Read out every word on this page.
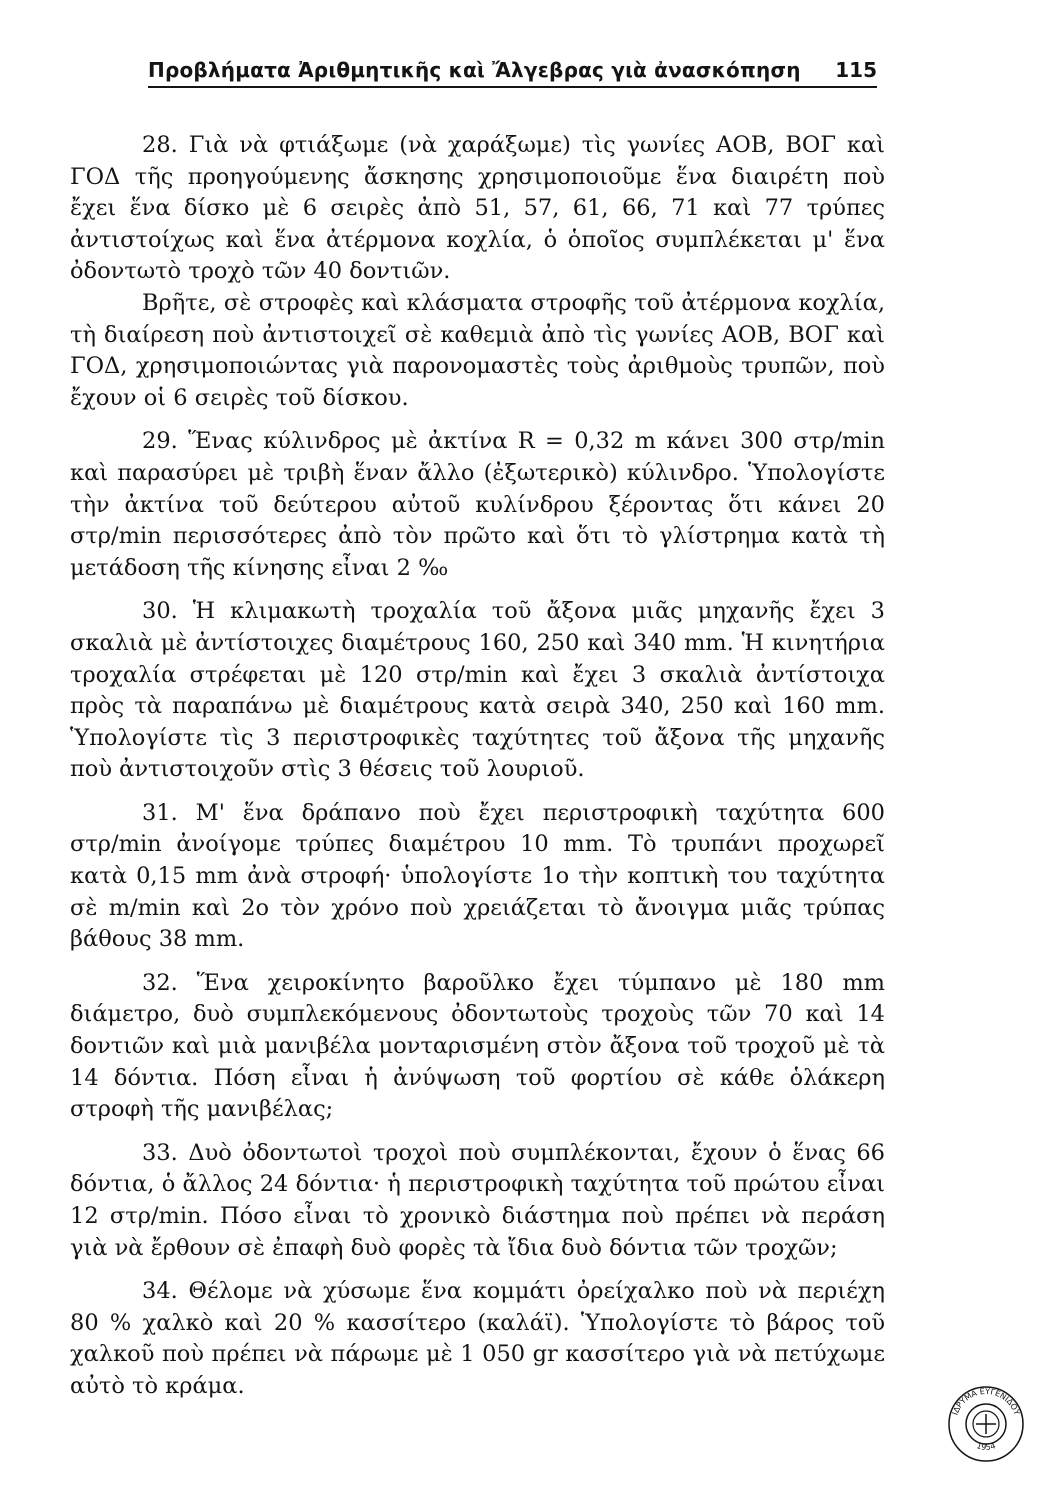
Προβλήματα Ἀριθμητικῆς καὶ Ἄλγεβρας γιὰ ἀνασκόπηση 115

28. Γιὰ νὰ φτιάξωμε (νὰ χαράξωμε) τὶς γωνίες ΑΟΒ, ΒΟΓ καὶ ΓΟΔ τῆς προηγούμενης ἄσκησης χρησιμοποιοῦμε ἕνα διαιρέτη ποὺ ἔχει ἕνα δίσκο μὲ 6 σειρὲς ἀπὸ 51, 57, 61, 66, 71 καὶ 77 τρύπες ἀντιστοίχως καὶ ἕνα ἀτέρμονα κοχλία, ὁ ὁποῖος συμπλέκεται μ' ἕνα ὀδοντωτὸ τροχὸ τῶν 40 δοντιῶν.

Βρῆτε, σὲ στροφὲς καὶ κλάσματα στροφῆς τοῦ ἀτέρμονα κοχλία, τὴ διαίρεση ποὺ ἀντιστοιχεῖ σὲ καθεμιὰ ἀπὸ τὶς γωνίες ΑΟΒ, ΒΟΓ καὶ ΓΟΔ, χρησιμοποιώντας γιὰ παρονομαστὲς τοὺς ἀριθμοὺς τρυπῶν, ποὺ ἔχουν οἱ 6 σειρὲς τοῦ δίσκου.

29. Ἕνας κύλινδρος μὲ ἀκτίνα R = 0,32 m κάνει 300 στρ/min καὶ παρασύρει μὲ τριβὴ ἕναν ἄλλο (ἐξωτερικὸ) κύλινδρο. Ὑπολογίστε τὴν ἀκτίνα τοῦ δεύτερου αὐτοῦ κυλίνδρου ξέροντας ὅτι κάνει 20 στρ/min περισσότερες ἀπὸ τὸν πρῶτο καὶ ὅτι τὸ γλίστρημα κατὰ τὴ μετάδοση τῆς κίνησης εἶναι 2 ‰

30. Ἡ κλιμακωτὴ τροχαλία τοῦ ἄξονα μιᾶς μηχανῆς ἔχει 3 σκαλιὰ μὲ ἀντίστοιχες διαμέτρους 160, 250 καὶ 340 mm. Ἡ κινητήρια τροχαλία στρέφεται μὲ 120 στρ/min καὶ ἔχει 3 σκαλιὰ ἀντίστοιχα πρὸς τὰ παραπάνω μὲ διαμέτρους κατὰ σειρὰ 340, 250 καὶ 160 mm. Ὑπολογίστε τὶς 3 περιστροφικὲς ταχύτητες τοῦ ἄξονα τῆς μηχανῆς ποὺ ἀντιστοιχοῦν στὶς 3 θέσεις τοῦ λουριοῦ.

31. Μ' ἕνα δράπανο ποὺ ἔχει περιστροφικὴ ταχύτητα 600 στρ/min ἀνοίγομε τρύπες διαμέτρου 10 mm. Τὸ τρυπάνι προχωρεῖ κατὰ 0,15 mm ἀνὰ στροφή· ὑπολογίστε 1ο τὴν κοπτικὴ του ταχύτητα σὲ m/min καὶ 2ο τὸν χρόνο ποὺ χρειάζεται τὸ ἄνοιγμα μιᾶς τρύπας βάθους 38 mm.

32. Ἕνα χειροκίνητο βαροῦλκο ἔχει τύμπανο μὲ 180 mm διάμετρο, δυὸ συμπλεκόμενους ὀδοντωτοὺς τροχοὺς τῶν 70 καὶ 14 δοντιῶν καὶ μιὰ μανιβέλα μονταρισμένη στὸν ἄξονα τοῦ τροχοῦ μὲ τὰ 14 δόντια. Πόση εἶναι ἡ ἀνύψωση τοῦ φορτίου σὲ κάθε ὁλάκερη στροφὴ τῆς μανιβέλας;

33. Δυὸ ὀδοντωτοὶ τροχοὶ ποὺ συμπλέκονται, ἔχουν ὁ ἕνας 66 δόντια, ὁ ἄλλος 24 δόντια· ἡ περιστροφικὴ ταχύτητα τοῦ πρώτου εἶναι 12 στρ/min. Πόσο εἶναι τὸ χρονικὸ διάστημα ποὺ πρέπει νὰ περάση γιὰ νὰ ἔρθουν σὲ ἐπαφὴ δυὸ φορὲς τὰ ἴδια δυὸ δόντια τῶν τροχῶν;

34. Θέλομε νὰ χύσωμε ἕνα κομμάτι ὀρείχαλκο ποὺ νὰ περιέχη 80 % χαλκὸ καὶ 20 % κασσίτερο (καλάϊ). Ὑπολογίστε τὸ βάρος τοῦ χαλκοῦ ποὺ πρέπει νὰ πάρωμε μὲ 1 050 gr κασσίτερο γιὰ νὰ πετύχωμε αὐτὸ τὸ κράμα.

ΙΔΡΥΜΑ ΕΥΓΕΝΙΔΟΥ
1954
